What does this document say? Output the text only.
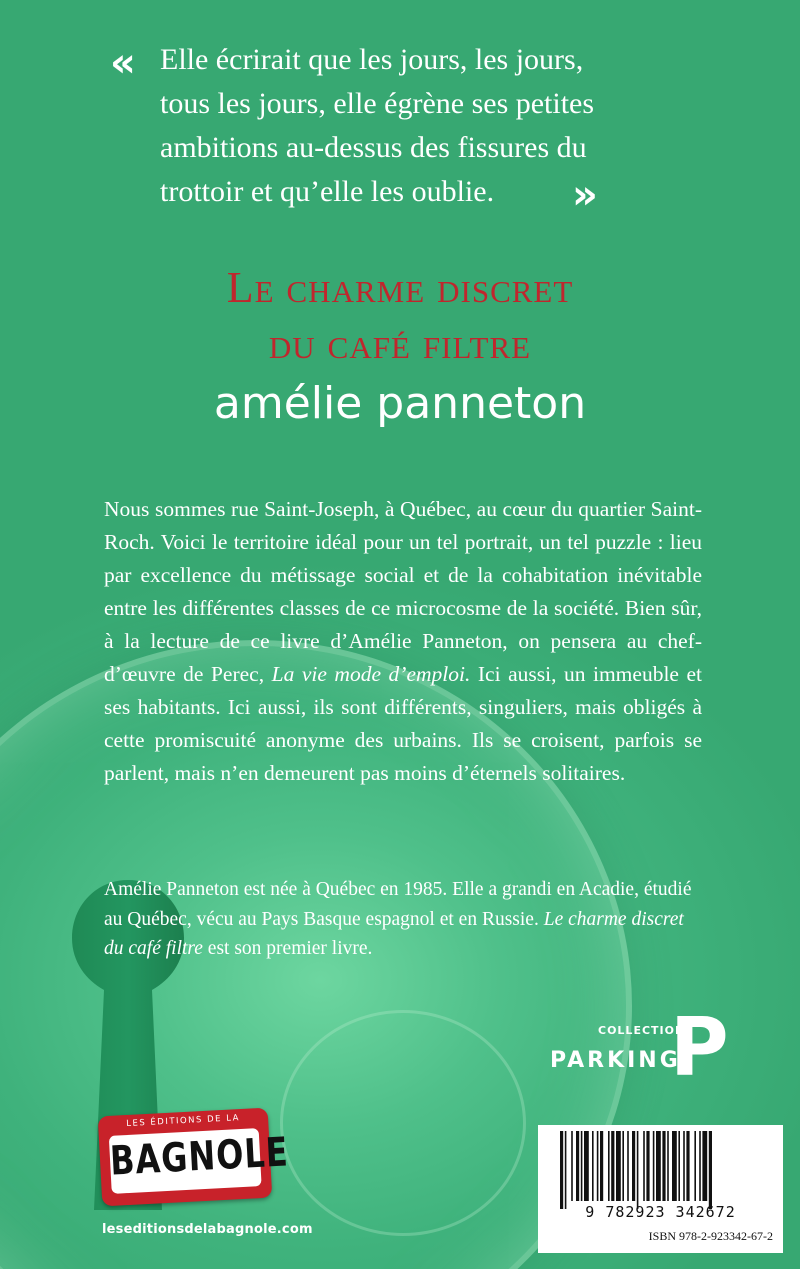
« Elle écrirait que les jours, les jours,
tous les jours, elle égrène ses petites
ambitions au-dessus des fissures du
trottoir et qu’elle les oublie.	»
Le charme discret
du café filtre
amélie panneton
Nous sommes rue Saint-Joseph, à Québec, au cœur du quartier Saint-Roch. Voici le territoire idéal pour un tel portrait, un tel puzzle : lieu par excellence du métissage social et de la cohabitation inévitable entre les différentes classes de ce microcosme de la société. Bien sûr, à la lecture de ce livre d’Amélie Panneton, on pensera au chef-d’œuvre de Perec, La vie mode d’emploi. Ici aussi, un immeuble et ses habitants. Ici aussi, ils sont différents, singuliers, mais obligés à cette promiscuité anonyme des urbains. Ils se croisent, parfois se parlent, mais n’en demeurent pas moins d’éternels solitaires.
Amélie Panneton est née à Québec en 1985. Elle a grandi en Acadie, étudié au Québec, vécu au Pays Basque espagnol et en Russie. Le charme discret du café filtre est son premier livre.
COLLECTION
PARKING
P
LES ÉDITIONS DE LA
BAGNOLE
leseditionsdelabagnole.com
9 782923 342672
ISBN 978-2-923342-67-2
